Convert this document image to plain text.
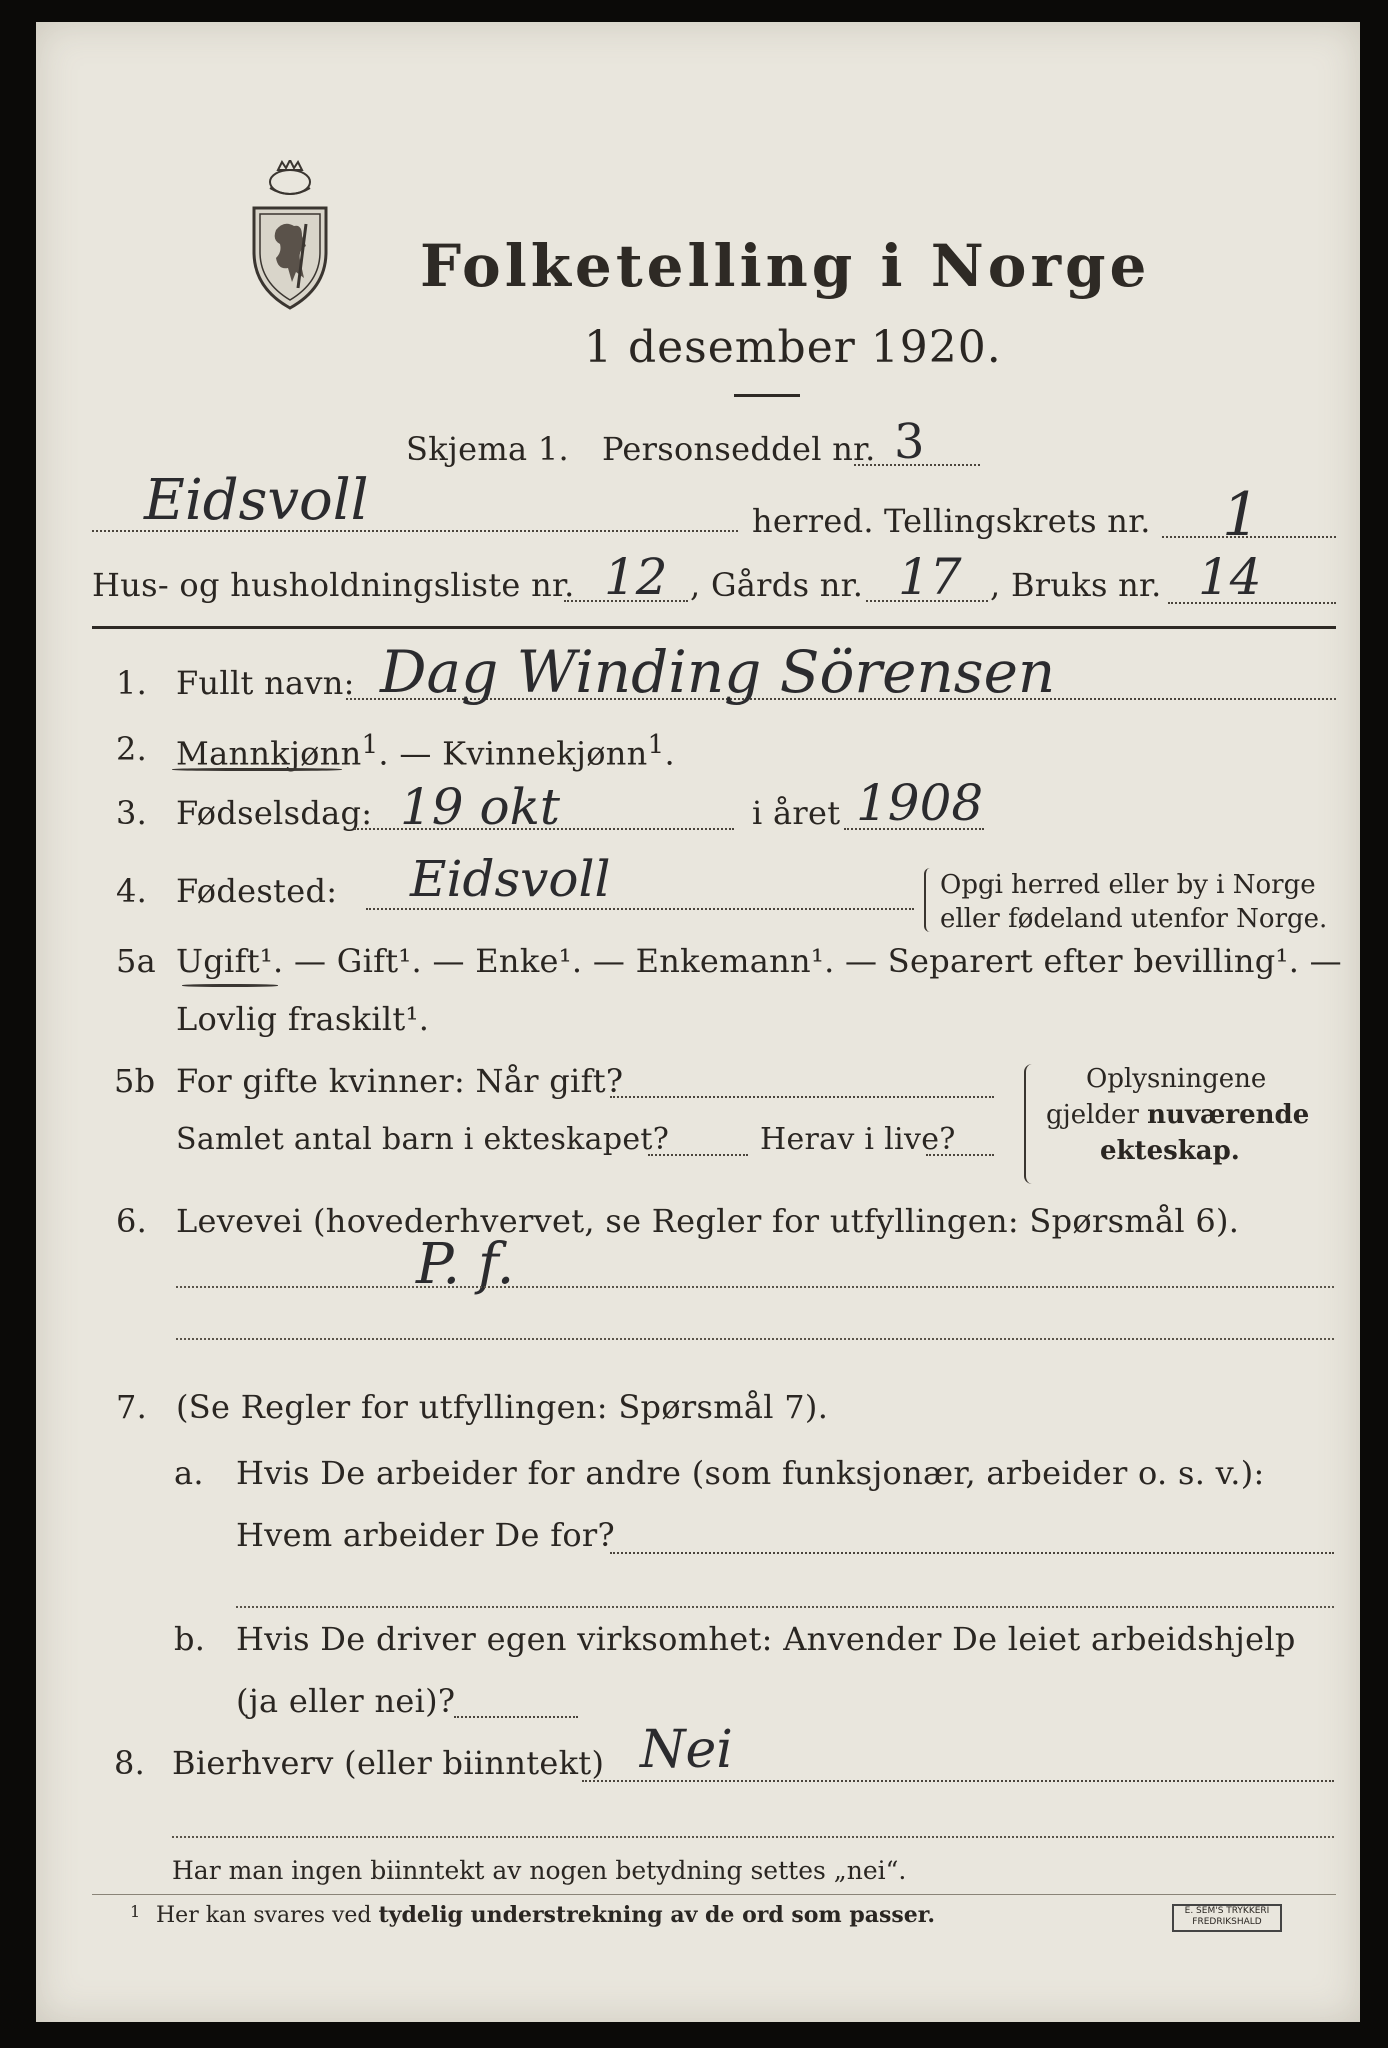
Folketelling i Norge
1 desember 1920.
Skjema 1. Personseddel nr. 3
Eidsvoll	herred. Tellingskrets nr. 1
Hus- og husholdningsliste nr. 12 , Gårds nr. 17 , Bruks nr. 14
1. Fullt navn: Dag Winding Sörensen
2. Mannkjønn$^1$. — Kvinnekjønn$^1$.
3. Fødselsdag: 19 okt	i året 1908
4. Fødested: Eidsvoll	Opgi herred eller by i Norge
eller fødeland utenfor Norge.
5a Ugift¹. — Gift¹. — Enke¹. — Enkemann¹. — Separert efter bevilling¹. —
Lovlig fraskilt¹.
5b For gifte kvinner: Når gift?
Samlet antal barn i ekteskapet?	Herav i live?
Oplysningene
gjelder nuværende
ekteskap.
6. Levevei (hovederhvervet, se Regler for utfyllingen: Spørsmål 6).
P. f.
7. (Se Regler for utfyllingen: Spørsmål 7).
a. Hvis De arbeider for andre (som funksjonær, arbeider o. s. v.):
Hvem arbeider De for?
b. Hvis De driver egen virksomhet: Anvender De leiet arbeidshjelp
(ja eller nei)?
8. Bierhverv (eller biinntekt) Nei
Har man ingen biinntekt av nogen betydning settes „nei“.
1 Her kan svares ved tydelig understrekning av de ord som passer.	E. SEM'S TRYKKERI
FREDRIKSHALD
